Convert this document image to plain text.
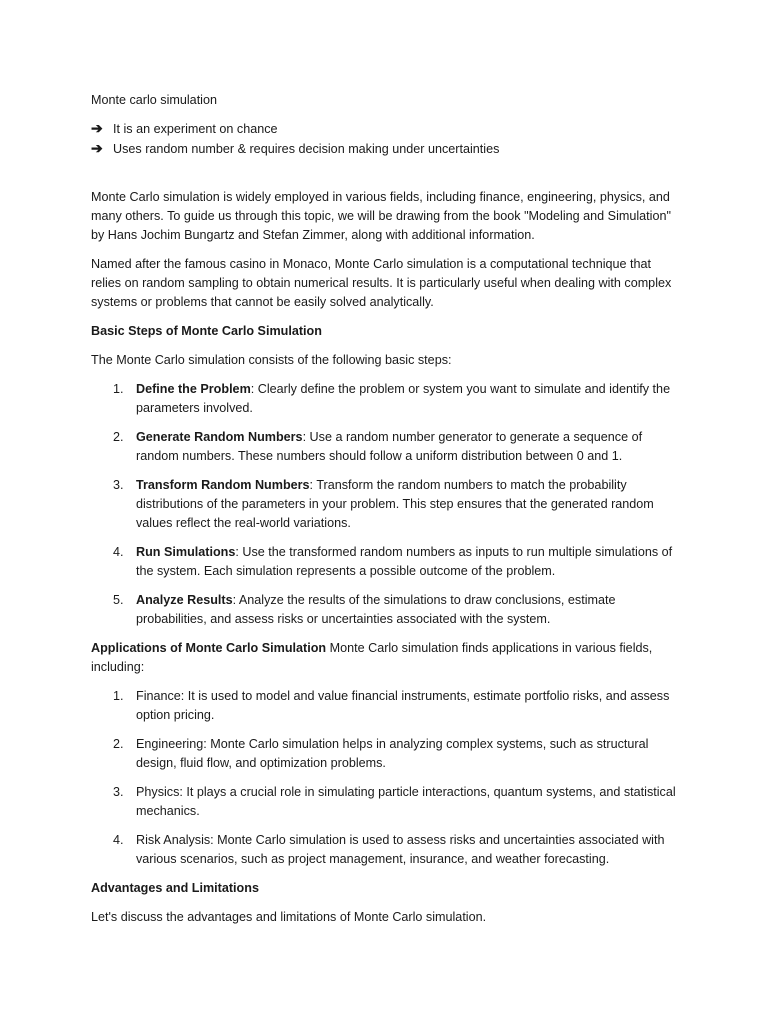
Monte carlo simulation

➔ It is an experiment on chance
➔ Uses random number & requires decision making under uncertainties

Monte Carlo simulation is widely employed in various fields, including finance, engineering, physics, and many others. To guide us through this topic, we will be drawing from the book "Modeling and Simulation" by Hans Jochim Bungartz and Stefan Zimmer, along with additional information.

Named after the famous casino in Monaco, Monte Carlo simulation is a computational technique that relies on random sampling to obtain numerical results. It is particularly useful when dealing with complex systems or problems that cannot be easily solved analytically.

Basic Steps of Monte Carlo Simulation

The Monte Carlo simulation consists of the following basic steps:

1. Define the Problem: Clearly define the problem or system you want to simulate and identify the parameters involved.
2. Generate Random Numbers: Use a random number generator to generate a sequence of random numbers. These numbers should follow a uniform distribution between 0 and 1.
3. Transform Random Numbers: Transform the random numbers to match the probability distributions of the parameters in your problem. This step ensures that the generated random values reflect the real-world variations.
4. Run Simulations: Use the transformed random numbers as inputs to run multiple simulations of the system. Each simulation represents a possible outcome of the problem.
5. Analyze Results: Analyze the results of the simulations to draw conclusions, estimate probabilities, and assess risks or uncertainties associated with the system.

Applications of Monte Carlo Simulation Monte Carlo simulation finds applications in various fields, including:

1. Finance: It is used to model and value financial instruments, estimate portfolio risks, and assess option pricing.
2. Engineering: Monte Carlo simulation helps in analyzing complex systems, such as structural design, fluid flow, and optimization problems.
3. Physics: It plays a crucial role in simulating particle interactions, quantum systems, and statistical mechanics.
4. Risk Analysis: Monte Carlo simulation is used to assess risks and uncertainties associated with various scenarios, such as project management, insurance, and weather forecasting.

Advantages and Limitations

Let's discuss the advantages and limitations of Monte Carlo simulation.
